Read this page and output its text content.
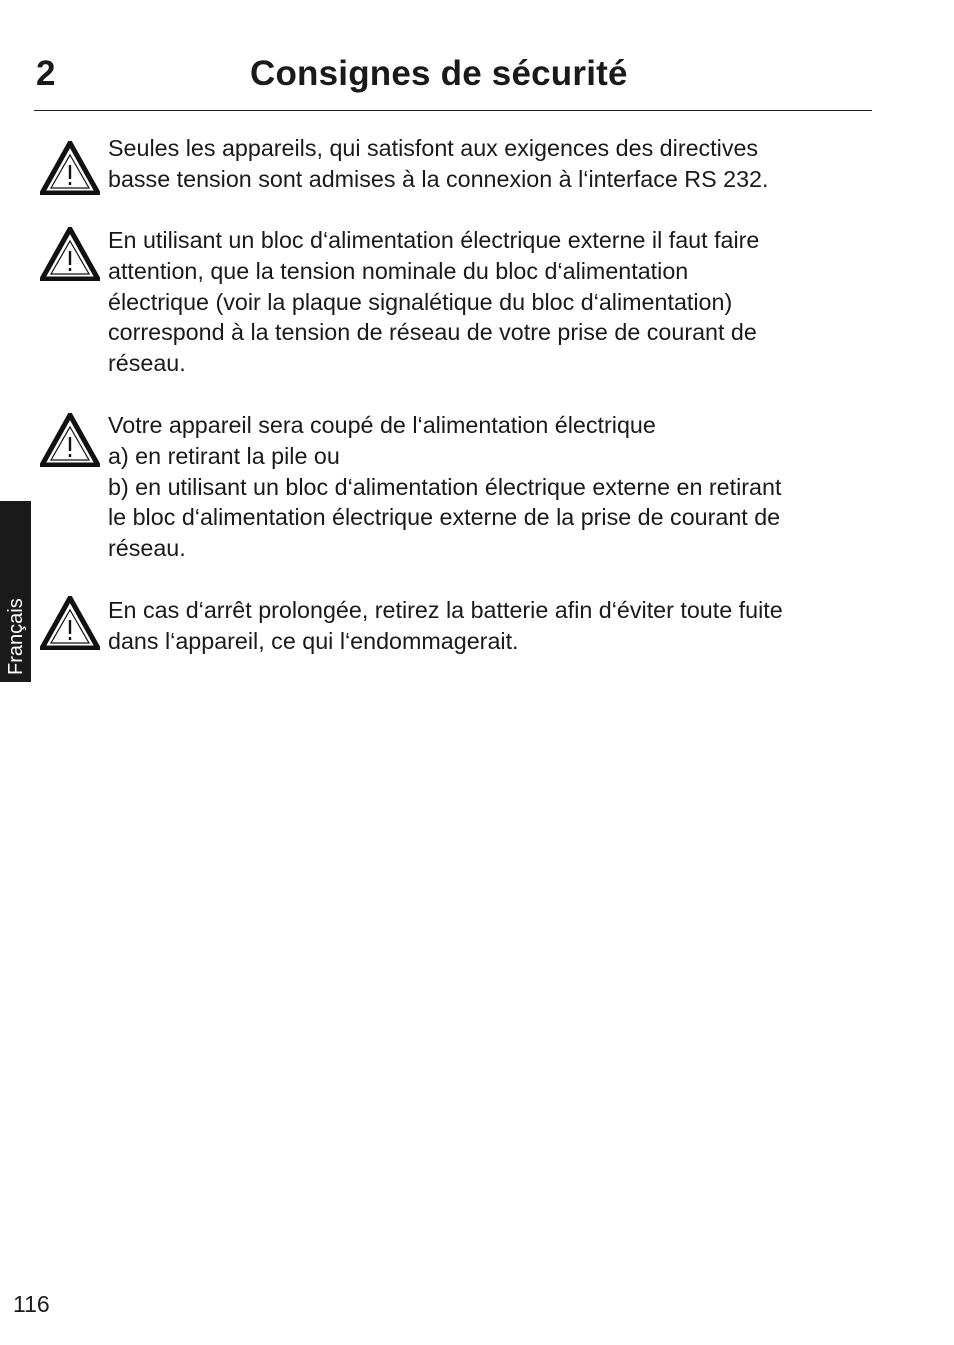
2	Consignes de sécurité
Français
Seules les appareils, qui satisfont aux exigences des directives
basse tension sont admises à la connexion à l‘interface RS 232.
En utilisant un bloc d‘alimentation électrique externe il faut faire
attention, que la tension nominale du bloc d‘alimentation
électrique (voir la plaque signalétique du bloc d‘alimentation)
correspond à la tension de réseau de votre prise de courant de
réseau.
Votre appareil sera coupé de l‘alimentation électrique
a) en retirant la pile ou
b) en utilisant un bloc d‘alimentation électrique externe en retirant
le bloc d‘alimentation électrique externe de la prise de courant de
réseau.
En cas d‘arrêt prolongée, retirez la batterie afin d‘éviter toute fuite
dans l‘appareil, ce qui l‘endommagerait.
116
